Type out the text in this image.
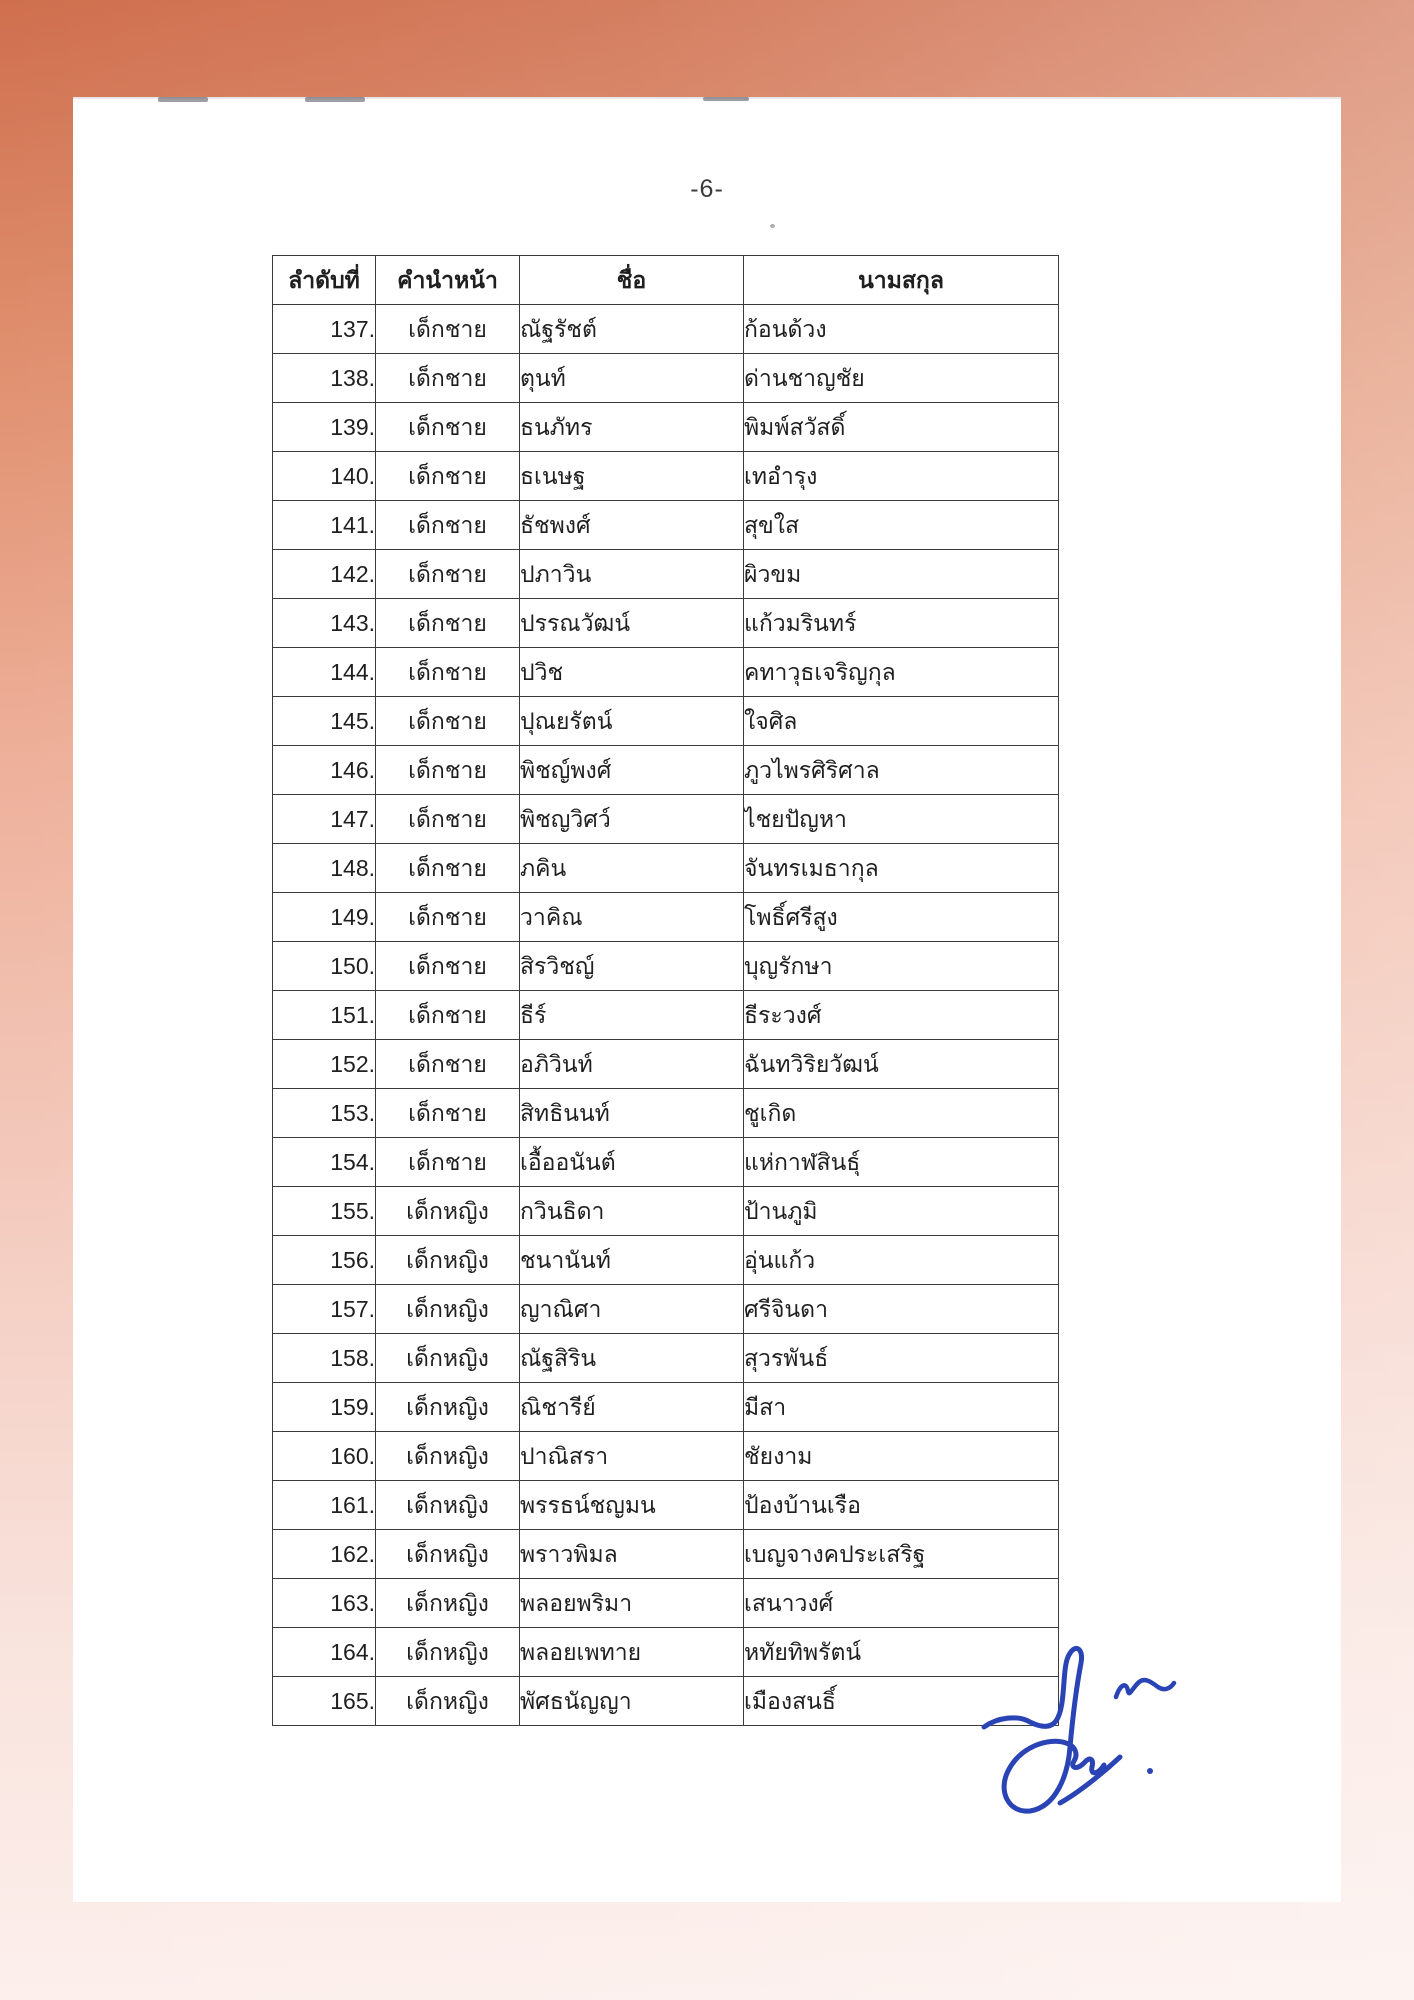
-6-
ลำดับที่	คำนำหน้า	ชื่อ	นามสกุล
137.	เด็กชาย	ณัฐรัชต์	ก้อนด้วง
138.	เด็กชาย	ตุนท์	ด่านชาญชัย
139.	เด็กชาย	ธนภัทร	พิมพ์สวัสดิ์
140.	เด็กชาย	ธเนษฐ	เทอำรุง
141.	เด็กชาย	ธัชพงศ์	สุขใส
142.	เด็กชาย	ปภาวิน	ผิวขม
143.	เด็กชาย	ปรรณวัฒน์	แก้วมรินทร์
144.	เด็กชาย	ปวิช	คทาวุธเจริญกุล
145.	เด็กชาย	ปุณยรัตน์	ใจศิล
146.	เด็กชาย	พิชญ์พงศ์	ภูวไพรศิริศาล
147.	เด็กชาย	พิชญวิศว์	ไชยปัญหา
148.	เด็กชาย	ภคิน	จันทรเมธากุล
149.	เด็กชาย	วาคิณ	โพธิ์ศรีสูง
150.	เด็กชาย	สิรวิชญ์	บุญรักษา
151.	เด็กชาย	ธีร์	ธีระวงศ์
152.	เด็กชาย	อภิวินท์	ฉันทวิริยวัฒน์
153.	เด็กชาย	สิทธินนท์	ชูเกิด
154.	เด็กชาย	เอื้ออนันต์	แห่กาฬสินธุ์
155.	เด็กหญิง	กวินธิดา	ป้านภูมิ
156.	เด็กหญิง	ชนานันท์	อุ่นแก้ว
157.	เด็กหญิง	ญาณิศา	ศรีจินดา
158.	เด็กหญิง	ณัฐสิริน	สุวรพันธ์
159.	เด็กหญิง	ณิชารีย์	มีสา
160.	เด็กหญิง	ปาณิสรา	ชัยงาม
161.	เด็กหญิง	พรรธน์ชญมน	ป้องบ้านเรือ
162.	เด็กหญิง	พราวพิมล	เบญจางคประเสริฐ
163.	เด็กหญิง	พลอยพริมา	เสนาวงศ์
164.	เด็กหญิง	พลอยเพทาย	หทัยทิพรัตน์
165.	เด็กหญิง	พัศธนัญญา	เมืองสนธิ์
